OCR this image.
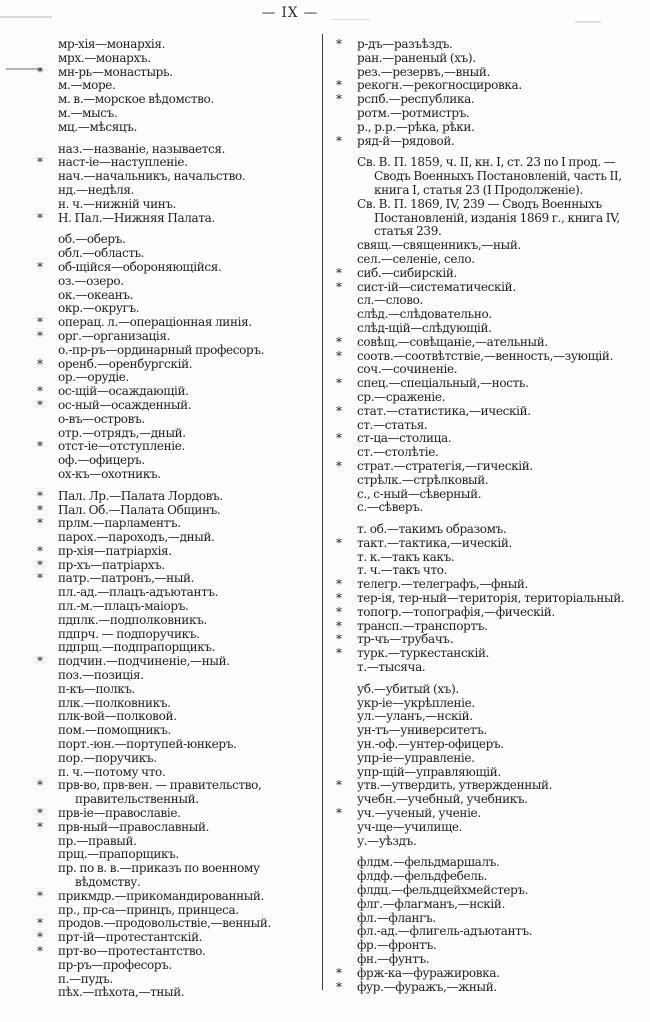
— IX —
мр-хія—монархія.
мрх.—монархъ.
* мн-рь—монастырь.
м.—море.
м. в.—морское вѣдомство.
м.—мысъ.
мц.—мѣсяцъ.
наз.—названіе, называется.
* наст-іе—наступленіе.
нач.—начальникъ, начальство.
нд.—недѣля.
н. ч.—нижній чинъ.
* Н. Пал.—Нижняя Палата.
об.—оберъ.
обл.—область.
* об-щійся—обороняющійся.
оз.—озеро.
ок.—океанъ.
окр.—округъ.
* операц. л.—операціонная линія.
* орг.—организація.
о.-пр-ръ—ординарный професоръ.
* оренб.—оренбургскій.
ор.—орудіе.
* ос-щій—осаждающій.
* ос-ный—осажденный.
о-въ—островъ.
отр.—отрядъ,—дный.
* отст-іе—отступленіе.
оф.—офицеръ.
ох-къ—охотникъ.
* Пал. Лр.—Палата Лордовъ.
* Пал. Об.—Палата Общинъ.
* прлм.—парламентъ.
парох.—пароходъ,—дный.
* пр-хія—патріархія.
* пр-хъ—патріархъ.
* патр.—патронъ,—ный.
пл.-ад.—плацъ-адъютантъ.
пл.-м.—плацъ-маіоръ.
пдплк.—подполковникъ.
пдпрч. — подпоручикъ.
пдпрщ.—подпрапорщикъ.
* подчин.—подчиненіе,—ный.
поз.—позиція.
п-къ—полкъ.
плк.—полковникъ.
плк-вой—полковой.
пом.—помощникъ.
порт.-юн.—портупей-юнкеръ.
пор.—поручикъ.
п. ч.—потому что.
* прв-во, прв-вен. — правительство, правительственный.
* прв-іе—православіе.
* прв-ный—православный.
пр.—правый.
прщ.—прапорщикъ.
пр. по в. в.—приказъ по военному вѣдомству.
* прикмдр.—прикомандированный.
пр., пр-са—принцъ, принцеса.
* продов.—продовольствіе,—венный.
* прт-ій—протестантскій.
* прт-во—протестантство.
пр-ръ—професоръ.
п.—пудъ.
пѣх.—пѣхота,—тный.
* р-дъ—разъѣздъ.
ран.—раненый (хъ).
рез.—резервъ,—вный.
* рекогн.—рекогносцировка.
* рспб.—республика.
ротм.—ротмистръ.
р., р.р.—рѣка, рѣки.
* ряд-й—рядовой.
Св. В. П. 1859, ч. II, кн. I, ст. 23 по I прод. —Сводъ Военныхъ Постановленій, часть II, книга I, статья 23 (I Продолженіе).
Св. В. П. 1869, IV, 239 — Сводъ Военныхъ Постановленій, изданія 1869 г., книга IV, статья 239.
свящ.—священникъ,—ный.
сел.—селеніе, село.
* сиб.—сибирскій.
* сист-ій—систематическій.
сл.—слово.
слѣд.—слѣдовательно.
слѣд-щій—слѣдующій.
* совѣщ.—совѣщаніе,—ательный.
* соотв.—соотвѣтствіе,—венность,—зующій.
соч.—сочиненіе.
* спец.—спеціальный,—ность.
ср.—сраженіе.
* стат.—статистика,—ическій.
ст.—статья.
* ст-ца—столица.
ст.—столѣтіе.
* страт.—стратегія,—гическій.
стрѣлк.—стрѣлковый.
с., с-ный—сѣверный.
с.—сѣверъ.
т. об.—такимъ образомъ.
* такт.—тактика,—ическій.
т. к.—такъ какъ.
т. ч.—такъ что.
* телегр.—телеграфъ,—фный.
* тер-ія, тер-ный—територія, територіальный.
* топогр.—топографія,—фическій.
* трансп.—транспортъ.
* тр-чъ—трубачъ.
* турк.—туркестанскій.
т.—тысяча.
уб.—убитый (хъ).
укр-іе—укрѣпленіе.
ул.—уланъ,—нскій.
ун-тъ—университетъ.
ун.-оф.—унтер-офицеръ.
упр-іе—управленіе.
упр-щій—управляющій.
* утв.—утвердить, утвержденный.
учебн.—учебный, учебникъ.
* уч.—ученый, ученіе.
уч-ще—училище.
у.—уѣздъ.
флдм.—фельдмаршалъ.
флдф.—фельдфебель.
флдц.—фельдцейхмейстеръ.
флг.—флагманъ,—нскій.
фл.—флангъ.
фл.-ад.—флигель-адъютантъ.
фр.—фронтъ.
фн.—фунтъ.
* фрж-ка—фуражировка.
* фур.—фуражъ,—жный.
